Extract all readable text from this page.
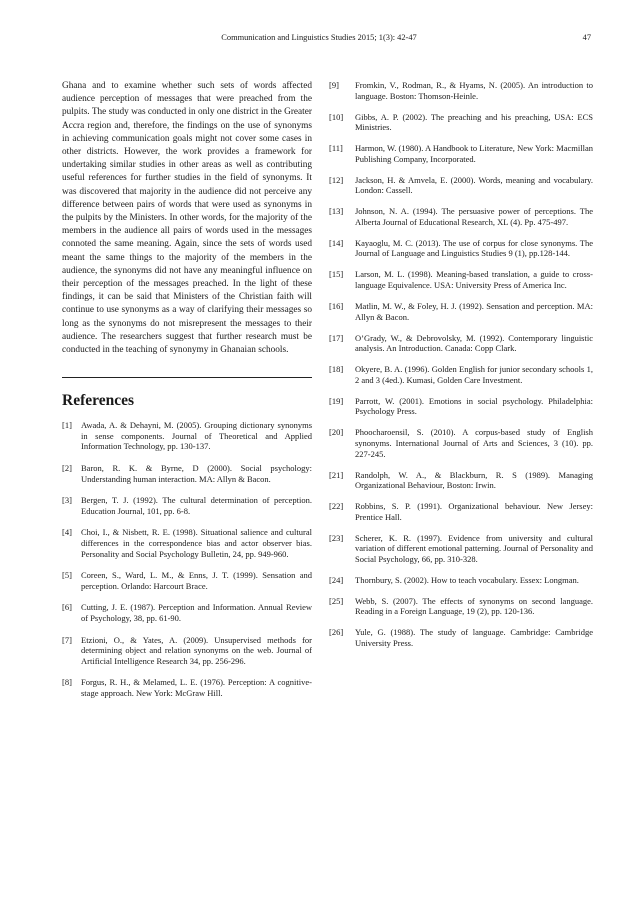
Communication and Linguistics Studies 2015; 1(3): 42-47	47

Ghana and to examine whether such sets of words affected audience perception of messages that were preached from the pulpits. The study was conducted in only one district in the Greater Accra region and, therefore, the findings on the use of synonyms in achieving communication goals might not cover some cases in other districts. However, the work provides a framework for undertaking similar studies in other areas as well as contributing useful references for further studies in the field of synonyms. It was discovered that majority in the audience did not perceive any difference between pairs of words that were used as synonyms in the pulpits by the Ministers. In other words, for the majority of the members in the audience all pairs of words used in the messages connoted the same meaning. Again, since the sets of words used meant the same things to the majority of the members in the audience, the synonyms did not have any meaningful influence on their perception of the messages preached. In the light of these findings, it can be said that Ministers of the Christian faith will continue to use synonyms as a way of clarifying their messages so long as the synonyms do not misrepresent the messages to their audience. The researchers suggest that further research must be conducted in the teaching of synonymy in Ghanaian schools.

References

[1] Awada, A. & Dehayni, M. (2005). Grouping dictionary synonyms in sense components. Journal of Theoretical and Applied Information Technology, pp. 130-137.

[2] Baron, R. K. & Byrne, D (2000). Social psychology: Understanding human interaction. MA: Allyn & Bacon.

[3] Bergen, T. J. (1992). The cultural determination of perception. Education Journal, 101, pp. 6-8.

[4] Choi, I., & Nisbett, R. E. (1998). Situational salience and cultural differences in the correspondence bias and actor observer bias. Personality and Social Psychology Bulletin, 24, pp. 949-960.

[5] Coreen, S., Ward, L. M., & Enns, J. T. (1999). Sensation and perception. Orlando: Harcourt Brace.

[6] Cutting, J. E. (1987). Perception and Information. Annual Review of Psychology, 38, pp. 61-90.

[7] Etzioni, O., & Yates, A. (2009). Unsupervised methods for determining object and relation synonyms on the web. Journal of Artificial Intelligence Research 34, pp. 256-296.

[8] Forgus, R. H., & Melamed, L. E. (1976). Perception: A cognitive-stage approach. New York: McGraw Hill.

[9] Fromkin, V., Rodman, R., & Hyams, N. (2005). An introduction to language. Boston: Thomson-Heinle.

[10] Gibbs, A. P. (2002). The preaching and his preaching, USA: ECS Ministries.

[11] Harmon, W. (1980). A Handbook to Literature, New York: Macmillan Publishing Company, Incorporated.

[12] Jackson, H. & Amvela, E. (2000). Words, meaning and vocabulary. London: Cassell.

[13] Johnson, N. A. (1994). The persuasive power of perceptions. The Alberta Journal of Educational Research, XL (4). Pp. 475-497.

[14] Kayaoglu, M. C. (2013). The use of corpus for close synonyms. The Journal of Language and Linguistics Studies 9 (1), pp.128-144.

[15] Larson, M. L. (1998). Meaning-based translation, a guide to cross-language Equivalence. USA: University Press of America Inc.

[16] Matlin, M. W., & Foley, H. J. (1992). Sensation and perception. MA: Allyn & Bacon.

[17] O’Grady, W., & Debrovolsky, M. (1992). Contemporary linguistic analysis. An Introduction. Canada: Copp Clark.

[18] Okyere, B. A. (1996). Golden English for junior secondary schools 1, 2 and 3 (4ed.). Kumasi, Golden Care Investment.

[19] Parrott, W. (2001). Emotions in social psychology. Philadelphia: Psychology Press.

[20] Phoocharoensil, S. (2010). A corpus-based study of English synonyms. International Journal of Arts and Sciences, 3 (10). pp. 227-245.

[21] Randolph, W. A., & Blackburn, R. S (1989). Managing Organizational Behaviour, Boston: Irwin.

[22] Robbins, S. P. (1991). Organizational behaviour. New Jersey: Prentice Hall.

[23] Scherer, K. R. (1997). Evidence from university and cultural variation of different emotional patterning. Journal of Personality and Social Psychology, 66, pp. 310-328.

[24] Thornbury, S. (2002). How to teach vocabulary. Essex: Longman.

[25] Webb, S. (2007). The effects of synonyms on second language. Reading in a Foreign Language, 19 (2), pp. 120-136.

[26] Yule, G. (1988). The study of language. Cambridge: Cambridge University Press.
